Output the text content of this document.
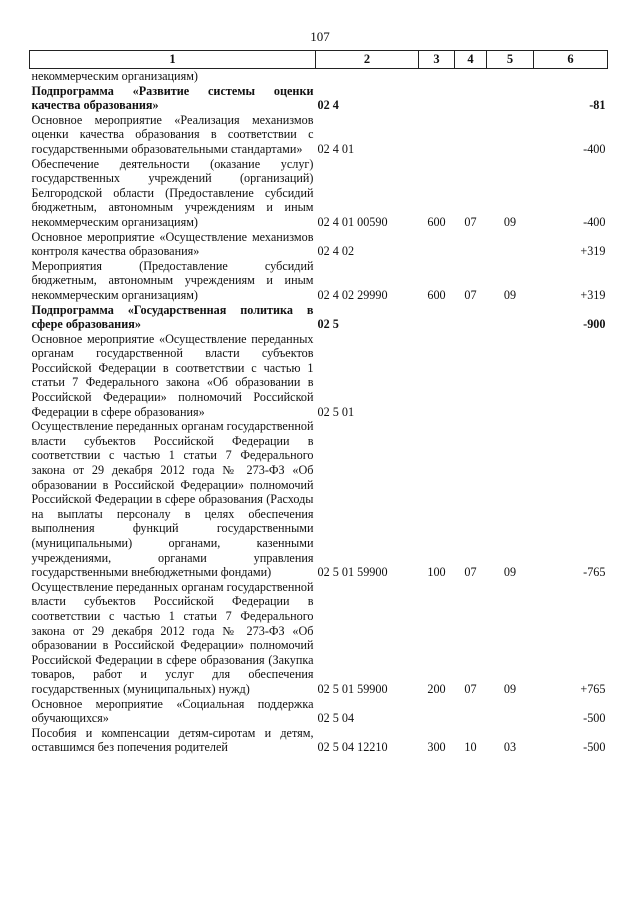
107
1	2	3	4	5	6
некоммерческим организациям)					
Подпрограмма «Развитие системы оценки качества образования»	02 4				-81
Основное мероприятие «Реализация механизмов оценки качества образования в соответствии с государственными образовательными стандартами»	02 4 01				-400
Обеспечение деятельности (оказание услуг) государственных учреждений (организаций) Белгородской области (Предоставление субсидий бюджетным, автономным учреждениям и иным некоммерческим организациям)	02 4 01 00590	600	07	09	-400
Основное мероприятие «Осуществление механизмов контроля качества образования»	02 4 02				+319
Мероприятия (Предоставление субсидий бюджетным, автономным учреждениям и иным некоммерческим организациям)	02 4 02 29990	600	07	09	+319
Подпрограмма «Государственная политика в сфере образования»	02 5				-900
Основное мероприятие «Осуществление переданных органам государственной власти субъектов Российской Федерации в соответствии с частью 1 статьи 7 Федерального закона «Об образовании в Российской Федерации» полномочий Российской Федерации в сфере образования»	02 5 01				
Осуществление переданных органам государственной власти субъектов Российской Федерации в соответствии с частью 1 статьи 7 Федерального закона от 29 декабря 2012 года № 273-ФЗ «Об образовании в Российской Федерации» полномочий Российской Федерации в сфере образования (Расходы на выплаты персоналу в целях обеспечения выполнения функций государственными (муниципальными) органами, казенными учреждениями, органами управления государственными внебюджетными фондами)	02 5 01 59900	100	07	09	-765
Осуществление переданных органам государственной власти субъектов Российской Федерации в соответствии с частью 1 статьи 7 Федерального закона от 29 декабря 2012 года № 273-ФЗ «Об образовании в Российской Федерации» полномочий Российской Федерации в сфере образования (Закупка товаров, работ и услуг для обеспечения государственных (муниципальных) нужд)	02 5 01 59900	200	07	09	+765
Основное мероприятие «Социальная поддержка обучающихся»	02 5 04				-500
Пособия и компенсации детям-сиротам и детям, оставшимся без попечения родителей	02 5 04 12210	300	10	03	-500
